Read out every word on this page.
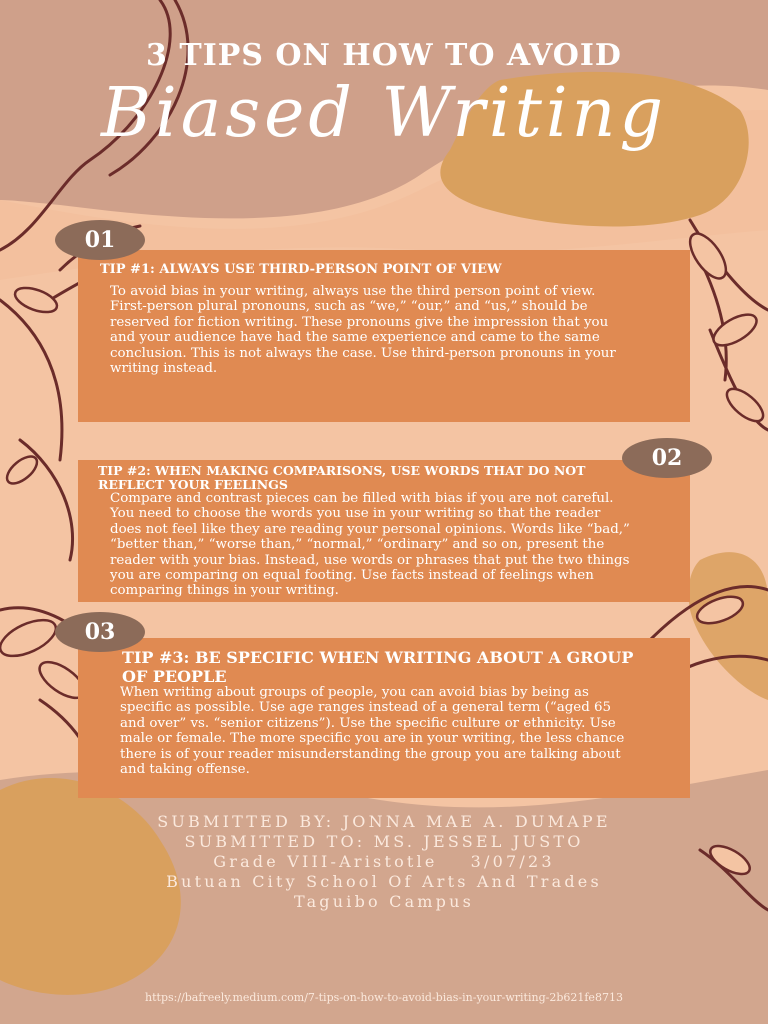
3 TIPS ON HOW TO AVOID
Biased Writing
01
TIP #1: ALWAYS USE THIRD-PERSON POINT OF VIEW
To avoid bias in your writing, always use the third person point of view. First-person plural pronouns, such as “we,” “our,” and “us,” should be reserved for fiction writing. These pronouns give the impression that you and your audience have had the same experience and came to the same conclusion. This is not always the case. Use third-person pronouns in your writing instead.
02
TIP #2: WHEN MAKING COMPARISONS, USE WORDS THAT DO NOT REFLECT YOUR FEELINGS
Compare and contrast pieces can be filled with bias if you are not careful. You need to choose the words you use in your writing so that the reader does not feel like they are reading your personal opinions. Words like “bad,” “better than,” “worse than,” “normal,” “ordinary” and so on, present the reader with your bias. Instead, use words or phrases that put the two things you are comparing on equal footing. Use facts instead of feelings when comparing things in your writing.
03
TIP #3: BE SPECIFIC WHEN WRITING ABOUT A GROUP OF PEOPLE
When writing about groups of people, you can avoid bias by being as specific as possible. Use age ranges instead of a general term (“aged 65 and over” vs. “senior citizens”). Use the specific culture or ethnicity. Use male or female. The more specific you are in your writing, the less chance there is of your reader misunderstanding the group you are talking about and taking offense.
SUBMITTED BY: JONNA MAE A. DUMAPE
SUBMITTED TO: MS. JESSEL JUSTO
Grade VIII-Aristotle    3/07/23
Butuan City School Of Arts And Trades
Taguibo Campus
https://bafreely.medium.com/7-tips-on-how-to-avoid-bias-in-your-writing-2b621fe8713
